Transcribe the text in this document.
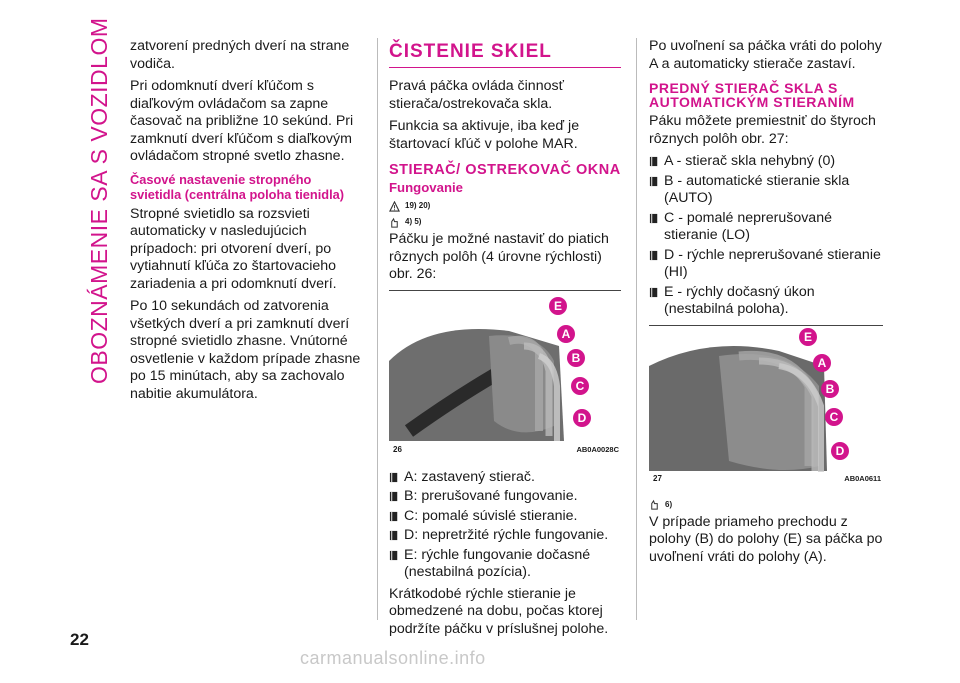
OBOZNÁMENIE SA S VOZIDLOM
22

zatvorení predných dverí na strane vodiča.

Pri odomknutí dverí kľúčom s diaľkovým ovládačom sa zapne časovač na približne 10 sekúnd. Pri zamknutí dverí kľúčom s diaľkovým ovládačom stropné svetlo zhasne.

Časové nastavenie stropného svietidla (centrálna poloha tienidla)

Stropné svietidlo sa rozsvieti automaticky v nasledujúcich prípadoch: pri otvorení dverí, po vytiahnutí kľúča zo štartovacieho zariadenia a pri odomknutí dverí.

Po 10 sekundách od zatvorenia všetkých dverí a pri zamknutí dverí stropné svietidlo zhasne. Vnútorné osvetlenie v každom prípade zhasne po 15 minútach, aby sa zachovalo nabitie akumulátora.

ČISTENIE SKIEL

Pravá páčka ovláda činnosť stierača/ostrekovača skla.

Funkcia sa aktivuje, iba keď je štartovací kľúč v polohe MAR.

STIERAČ/ OSTREKOVAČ OKNA
Fungovanie
19) 20)
4) 5)

Páčku je možné nastaviť do piatich rôznych polôh (4 úrovne rýchlosti) obr. 26:

E
A
B
C
D
26	AB0A0028C
A: zastavený stierač.
B: prerušované fungovanie.
C: pomalé súvislé stieranie.
D: nepretržité rýchle fungovanie.
E: rýchle fungovanie dočasné (nestabilná pozícia).

Krátkodobé rýchle stieranie je obmedzené na dobu, počas ktorej podržíte páčku v príslušnej polohe.

Po uvoľnení sa páčka vráti do polohy A a automaticky stierače zastaví.

PREDNÝ STIERAČ SKLA S AUTOMATICKÝM STIERANÍM

Páku môžete premiestniť do štyroch rôznych polôh obr. 27:

A - stierač skla nehybný (0)
B - automatické stieranie skla (AUTO)
C - pomalé neprerušované stieranie (LO)
D - rýchle neprerušované stieranie (HI)
E - rýchly dočasný úkon (nestabilná poloha).
E
A
B
C
D
27	AB0A0611
6)

V prípade priameho prechodu z polohy (B) do polohy (E) sa páčka po uvoľnení vráti do polohy (A).

carmanualsonline.info
